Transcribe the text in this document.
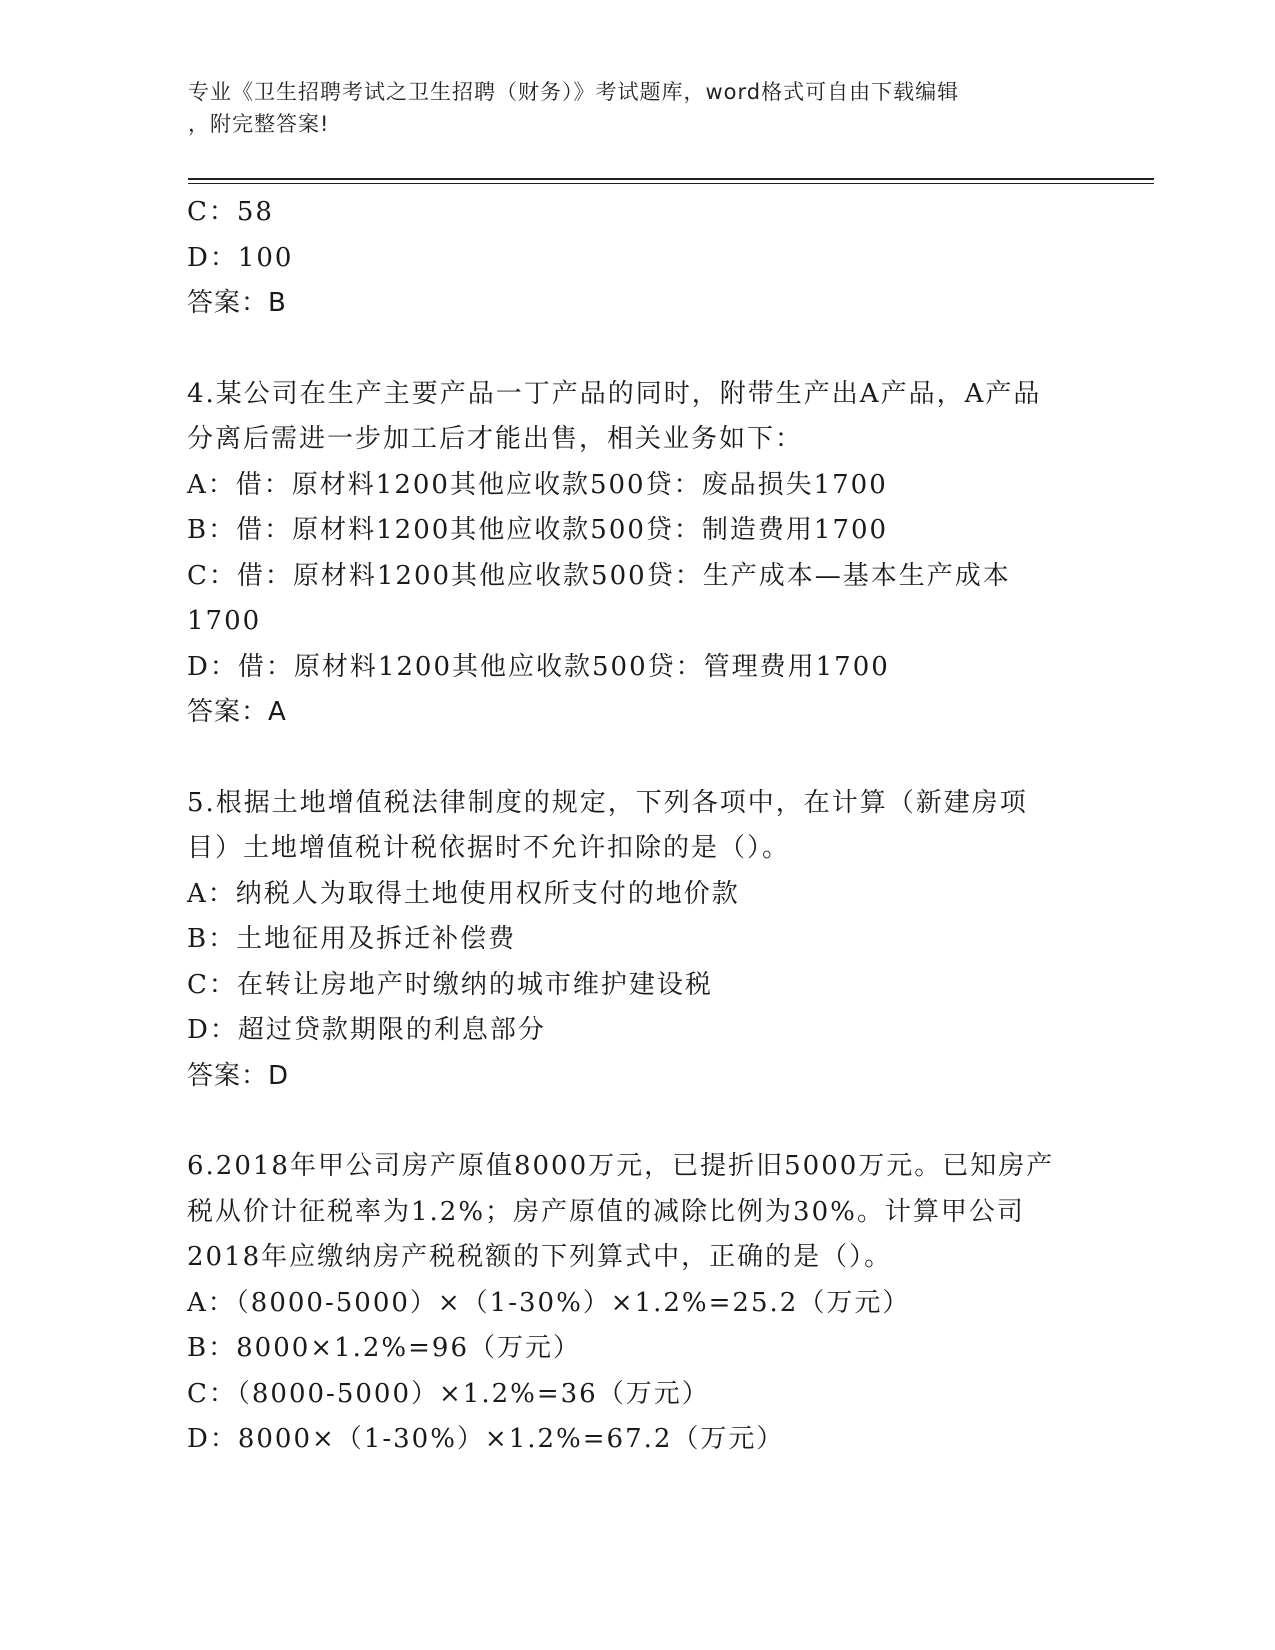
专业《卫生招聘考试之卫生招聘（财务）》考试题库，word格式可自由下载编辑
，附完整答案!
C：58
D：100
答案：B
4.某公司在生产主要产品一丁产品的同时，附带生产出A产品，A产品
分离后需进一步加工后才能出售，相关业务如下：
A：借：原材料1200其他应收款500贷：废品损失1700
B：借：原材料1200其他应收款500贷：制造费用1700
C：借：原材料1200其他应收款500贷：生产成本—基本生产成本
1700
D：借：原材料1200其他应收款500贷：管理费用1700
答案：A
5.根据土地增值税法律制度的规定，下列各项中，在计算（新建房项
目）土地增值税计税依据时不允许扣除的是（）。
A：纳税人为取得土地使用权所支付的地价款
B：土地征用及拆迁补偿费
C：在转让房地产时缴纳的城市维护建设税
D：超过贷款期限的利息部分
答案：D
6.2018年甲公司房产原值8000万元，已提折旧5000万元。已知房产
税从价计征税率为1.2%；房产原值的减除比例为30%。计算甲公司
2018年应缴纳房产税税额的下列算式中，正确的是（）。
A：（8000-5000）×（1-30%）×1.2%=25.2（万元）
B：8000×1.2%=96（万元）
C：（8000-5000）×1.2%=36（万元）
D：8000×（1-30%）×1.2%=67.2（万元）
